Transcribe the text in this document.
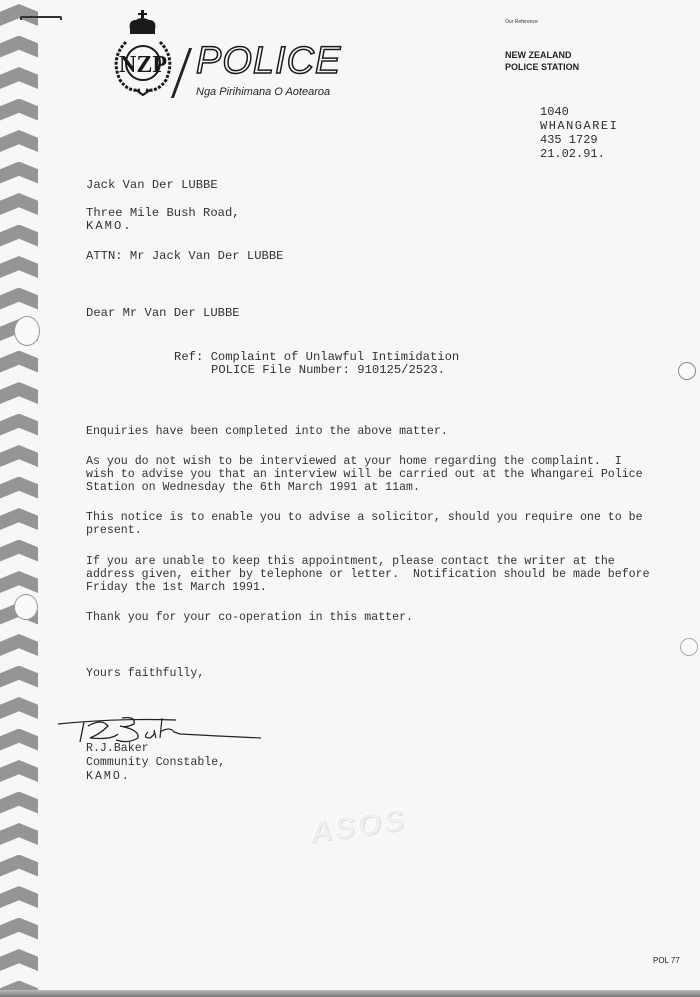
NZP POLICE
Nga Pirihimana O Aotearoa
Our Reference
NEW ZEALAND
POLICE STATION
1040
WHANGAREI
435 1729
21.02.91.
Jack Van Der LUBBE
Three Mile Bush Road,
KAMO.
ATTN: Mr Jack Van Der LUBBE
Dear Mr Van Der LUBBE
Ref: Complaint of Unlawful Intimidation
POLICE File Number: 910125/2523.
Enquiries have been completed into the above matter.
As you do not wish to be interviewed at your home regarding the complaint.  I
wish to advise you that an interview will be carried out at the Whangarei Police
Station on Wednesday the 6th March 1991 at 11am.
This notice is to enable you to advise a solicitor, should you require one to be
present.
If you are unable to keep this appointment, please contact the writer at the
address given, either by telephone or letter.  Notification should be made before
Friday the 1st March 1991.
Thank you for your co-operation in this matter.
Yours faithfully,
R.J.Baker
Community Constable,
KAMO.
ASOS
POL 77
